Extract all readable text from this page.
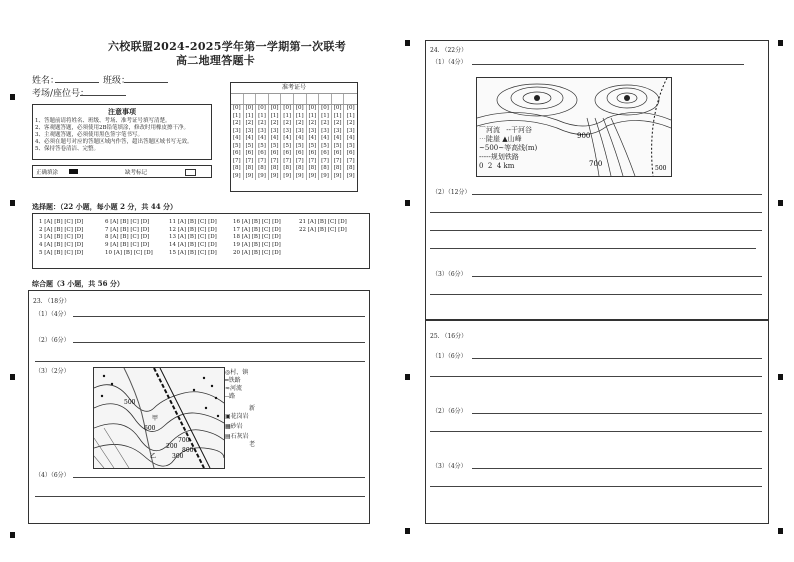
六校联盟2024-2025学年第一学期第一次联考
高二地理答题卡
姓名：	班级：
考场/座位号：
注意事项
1、答题前请将姓名、班级、考场、准考证号填写清楚。
2、客观题答题，必须使用2B铅笔填涂，修改时用橡皮擦干净。
3、主观题答题，必须使用黑色签字笔书写。
4、必须在题号对应的答题区域内作答，超出答题区域书写无效。
5、保持答卷清洁、完整。
正确填涂	缺考标记
准考证号
[0] [0] [0] [0] [0] [0] [0] [0] [0] [0]
[1] [1] [1] [1] [1] [1] [1] [1] [1] [1]
[2] [2] [2] [2] [2] [2] [2] [2] [2] [2]
[3] [3] [3] [3] [3] [3] [3] [3] [3] [3]
[4] [4] [4] [4] [4] [4] [4] [4] [4] [4]
[5] [5] [5] [5] [5] [5] [5] [5] [5] [5]
[6] [6] [6] [6] [6] [6] [6] [6] [6] [6]
[7] [7] [7] [7] [7] [7] [7] [7] [7] [7]
[8] [8] [8] [8] [8] [8] [8] [8] [8] [8]
[9] [9] [9] [9] [9] [9] [9] [9] [9] [9]
选择题：（22 小题，每小题 2 分，共 44 分）
1 [A] [B] [C] [D]
2 [A] [B] [C] [D]
3 [A] [B] [C] [D]
4 [A] [B] [C] [D]
5 [A] [B] [C] [D]
6 [A] [B] [C] [D]
7 [A] [B] [C] [D]
8 [A] [B] [C] [D]
9 [A] [B] [C] [D]
10 [A] [B] [C] [D]
11 [A] [B] [C] [D]
12 [A] [B] [C] [D]
13 [A] [B] [C] [D]
14 [A] [B] [C] [D]
15 [A] [B] [C] [D]
16 [A] [B] [C] [D]
17 [A] [B] [C] [D]
18 [A] [B] [C] [D]
19 [A] [B] [C] [D]
20 [A] [B] [C] [D]
21 [A] [B] [C] [D]
22 [A] [B] [C] [D]
综合题（3 小题，共 56 分）
23. （18分）
（1）（4分）
（2）（6分）
（3）（2分）
500
600
700
800
200
300
甲
乙
◎村、镇
━铁路
≈河流
--路
新
▣花岗岩
▦砂岩
▤石灰岩
老
（4）（6分）
24. （22分）
（1）（4分）
900
700
500
⌒河流 --干河谷
⋯陡崖 ▲山峰
~500~等高线(m)
-----规划铁路
0 2 4 km
（2）（12分）
（3）（6分）
25. （16分）
（1）（6分）
（2）（6分）
（3）（4分）
